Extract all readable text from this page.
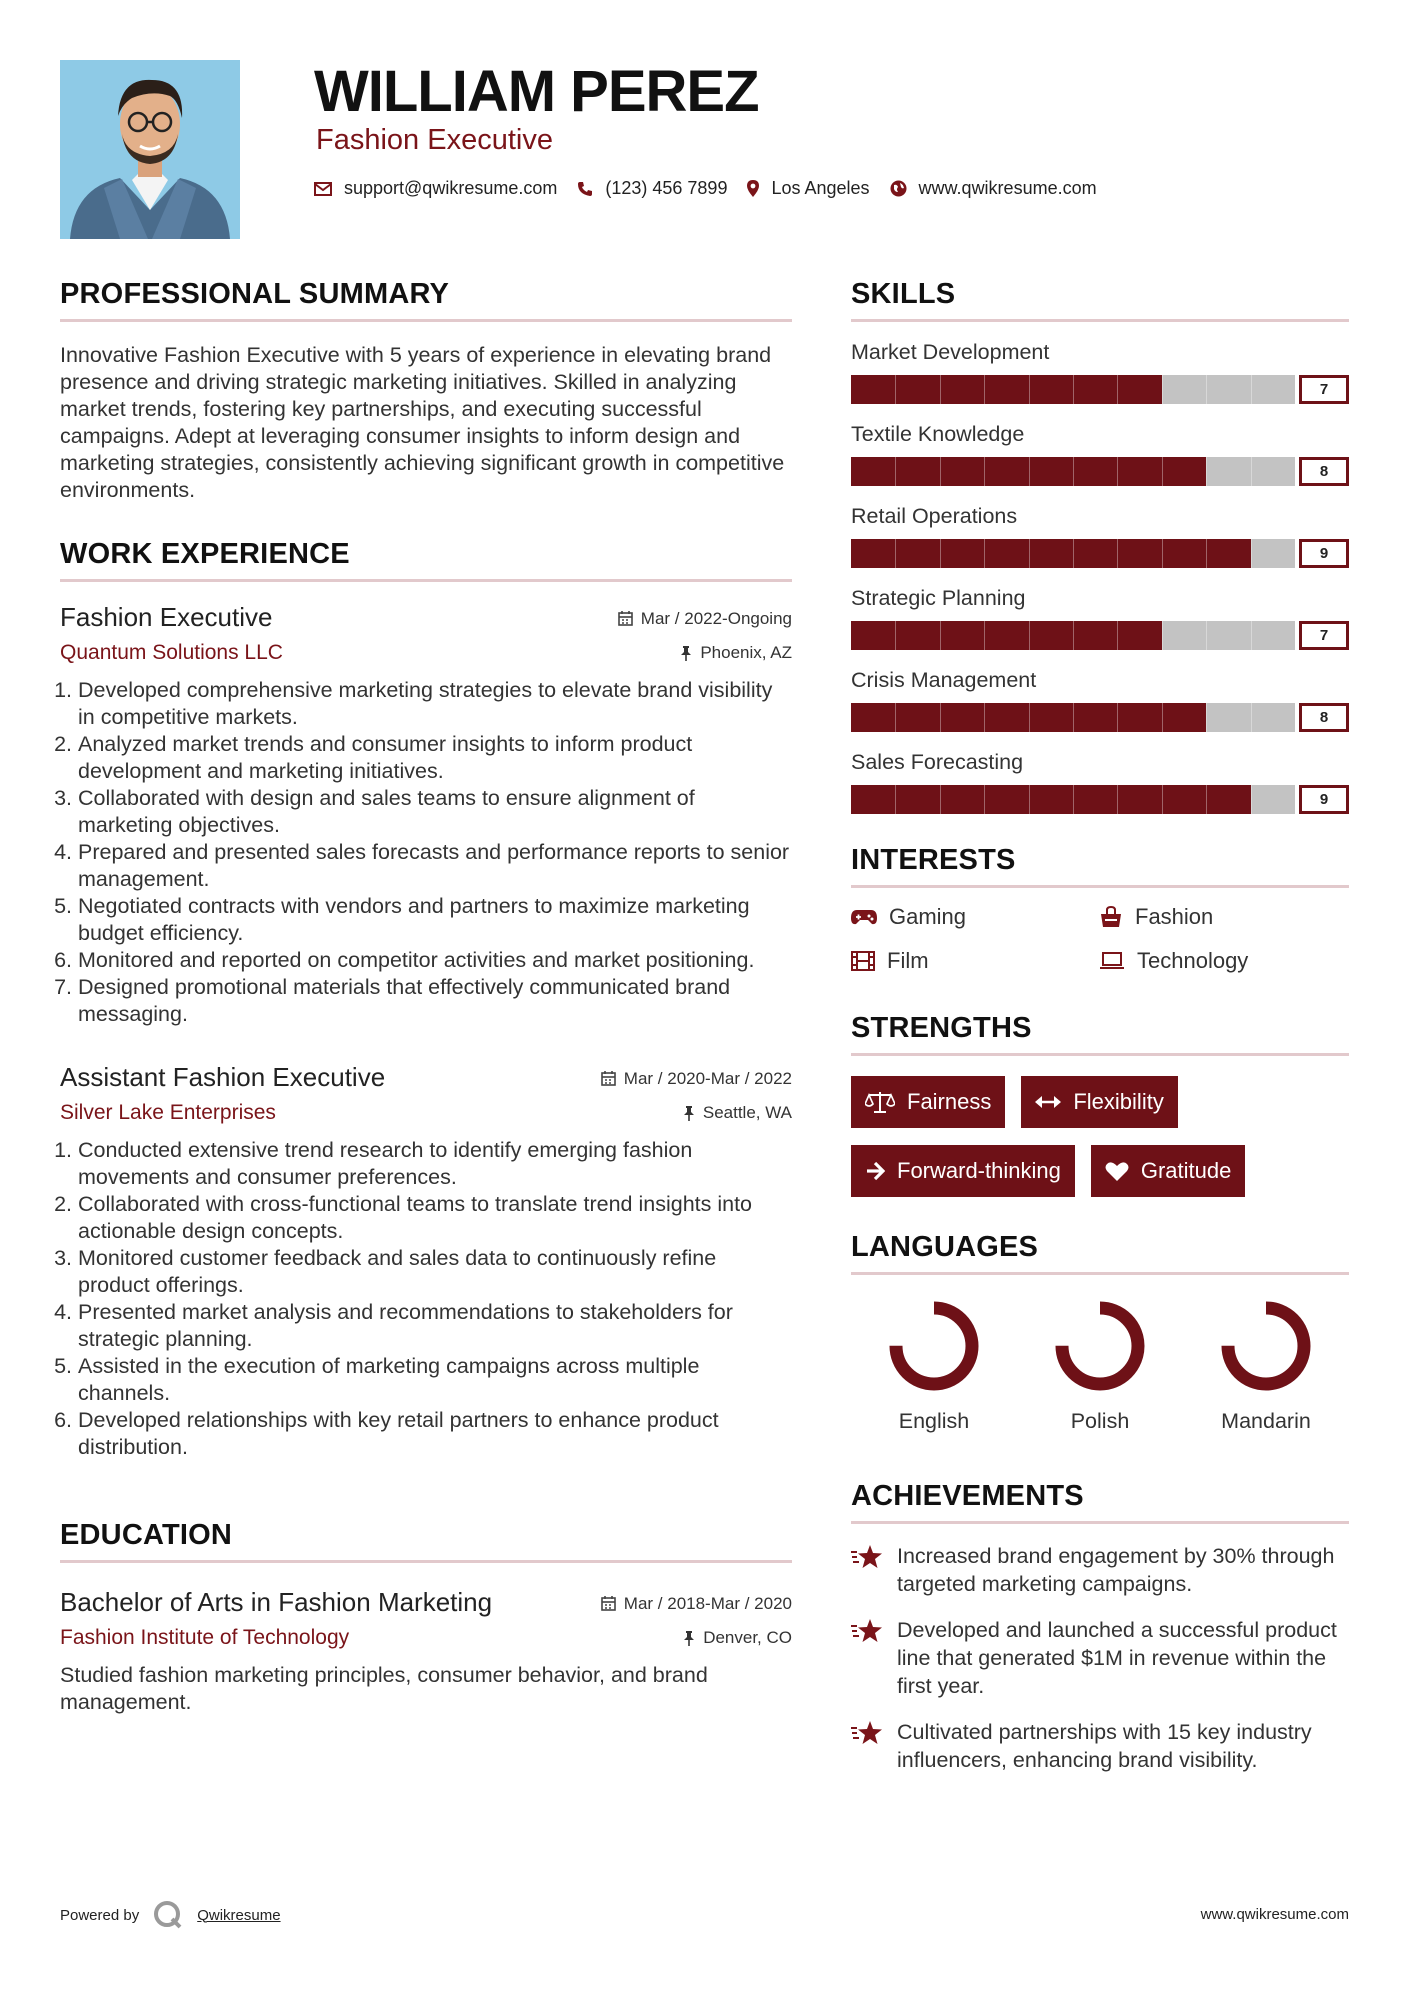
WILLIAM PEREZ
Fashion Executive
support@qwikresume.com	(123) 456 7899 Los Angeles	www.qwikresume.com
PROFESSIONAL SUMMARY

Innovative Fashion Executive with 5 years of experience in elevating brand presence and driving strategic marketing initiatives. Skilled in analyzing market trends, fostering key partnerships, and executing successful campaigns. Adept at leveraging consumer insights to inform design and marketing strategies, consistently achieving significant growth in competitive environments.

WORK EXPERIENCE
Fashion Executive	Mar / 2022-Ongoing
Quantum Solutions LLC	Phoenix, AZ
1. Developed comprehensive marketing strategies to elevate brand visibility in competitive markets.
2. Analyzed market trends and consumer insights to inform product development and marketing initiatives.
3. Collaborated with design and sales teams to ensure alignment of marketing objectives.
4. Prepared and presented sales forecasts and performance reports to senior management.
5. Negotiated contracts with vendors and partners to maximize marketing budget efficiency.
6. Monitored and reported on competitor activities and market positioning.
7. Designed promotional materials that effectively communicated brand messaging.
Assistant Fashion Executive	Mar / 2020-Mar / 2022
Silver Lake Enterprises	Seattle, WA
1. Conducted extensive trend research to identify emerging fashion movements and consumer preferences.
2. Collaborated with cross-functional teams to translate trend insights into actionable design concepts.
3. Monitored customer feedback and sales data to continuously refine product offerings.
4. Presented market analysis and recommendations to stakeholders for strategic planning.
5. Assisted in the execution of marketing campaigns across multiple channels.
6. Developed relationships with key retail partners to enhance product distribution.
EDUCATION
Bachelor of Arts in Fashion Marketing	Mar / 2018-Mar / 2020
Fashion Institute of Technology	Denver, CO

Studied fashion marketing principles, consumer behavior, and brand management.

SKILLS
Market Development
7
Textile Knowledge
8
Retail Operations
9
Strategic Planning
7
Crisis Management
8
Sales Forecasting
9
INTERESTS
Gaming	Fashion
Film	Technology
STRENGTHS
Fairness	Flexibility
Forward-thinking	Gratitude
LANGUAGES
English	Polish	Mandarin
ACHIEVEMENTS
Increased brand engagement by 30% through targeted marketing campaigns.
Developed and launched a successful product line that generated $1M in revenue within the first year.
Cultivated partnerships with 15 key industry influencers, enhancing brand visibility.
Powered by	Qwikresume	www.qwikresume.com
